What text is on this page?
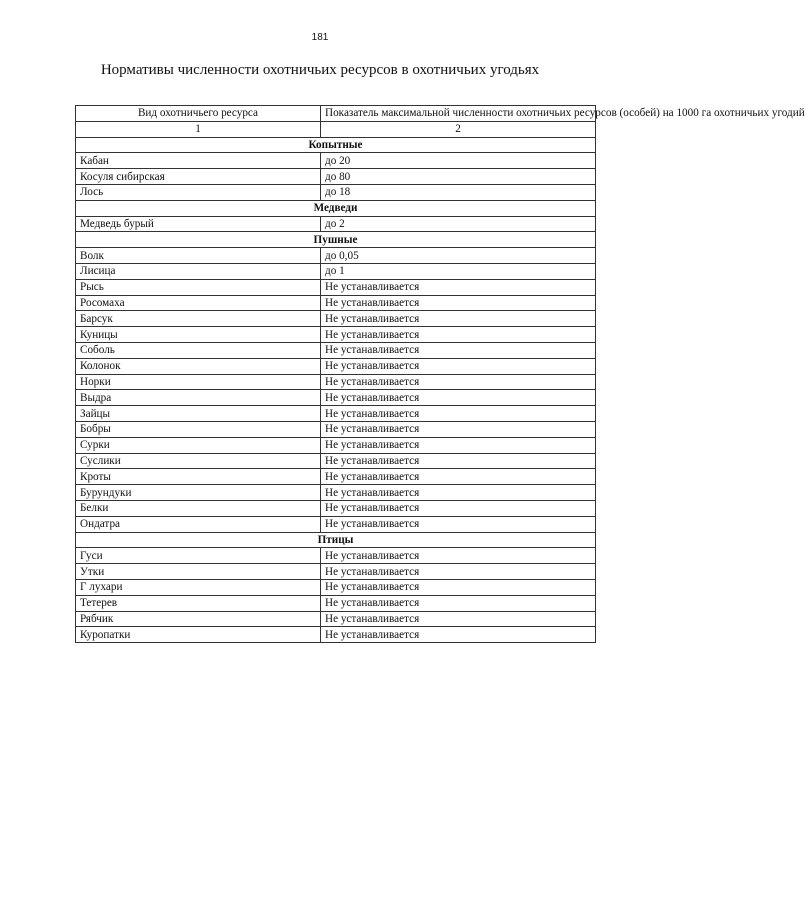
181
Нормативы численности охотничьих ресурсов в охотничьих угодьях
Вид охотничьего ресурса	Показатель максимальной численности охотничьих ресурсов (особей) на 1000 га охотничьих угодий
1	2
Копытные	
Кабан	до 20
Косуля сибирская	до 80
Лось	до 18
Медведи	
Медведь бурый	до 2
Пушные	
Волк	до 0,05
Лисица	до 1
Рысь	Не устанавливается
Росомаха	Не устанавливается
Барсук	Не устанавливается
Куницы	Не устанавливается
Соболь	Не устанавливается
Колонок	Не устанавливается
Норки	Не устанавливается
Выдра	Не устанавливается
Зайцы	Не устанавливается
Бобры	Не устанавливается
Сурки	Не устанавливается
Суслики	Не устанавливается
Кроты	Не устанавливается
Бурундуки	Не устанавливается
Белки	Не устанавливается
Ондатра	Не устанавливается
Птицы	
Гуси	Не устанавливается
Утки	Не устанавливается
Г лухари	Не устанавливается
Тетерев	Не устанавливается
Рябчик	Не устанавливается
Куропатки	Не устанавливается
